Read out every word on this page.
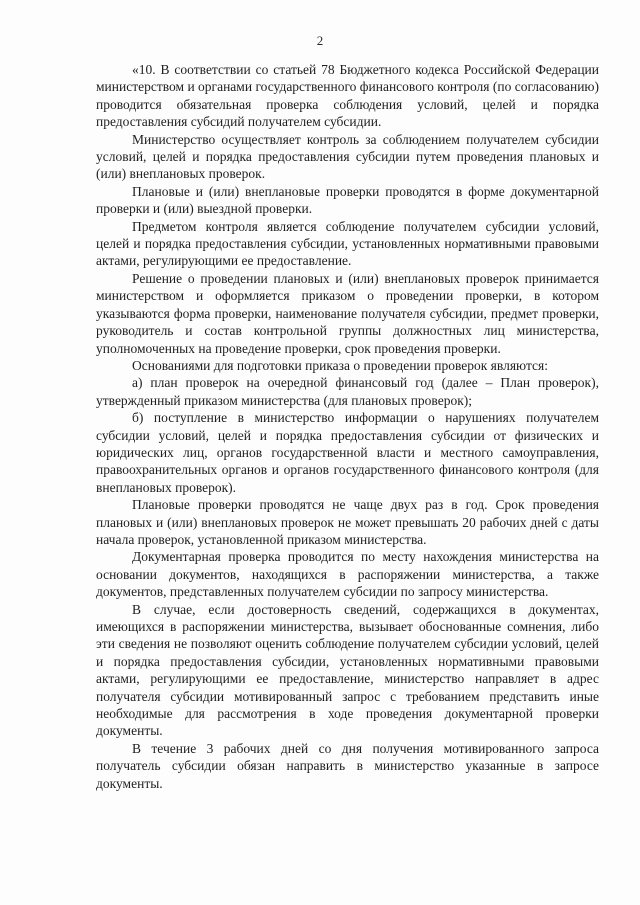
2

«10. В соответствии со статьей 78 Бюджетного кодекса Российской Федерации министерством и органами государственного финансового контроля (по согласованию) проводится обязательная проверка соблюдения условий, целей и порядка предоставления субсидий получателем субсидии.

Министерство осуществляет контроль за соблюдением получателем субсидии условий, целей и порядка предоставления субсидии путем проведения плановых и (или) внеплановых проверок.

Плановые и (или) внеплановые проверки проводятся в форме документарной проверки и (или) выездной проверки.

Предметом контроля является соблюдение получателем субсидии условий, целей и порядка предоставления субсидии, установленных нормативными правовыми актами, регулирующими ее предоставление.

Решение о проведении плановых и (или) внеплановых проверок принимается министерством и оформляется приказом о проведении проверки, в котором указываются форма проверки, наименование получателя субсидии, предмет проверки, руководитель и состав контрольной группы должностных лиц министерства, уполномоченных на проведение проверки, срок проведения проверки.

Основаниями для подготовки приказа о проведении проверок являются:

а) план проверок на очередной финансовый год (далее – План проверок), утвержденный приказом министерства (для плановых проверок);

б) поступление в министерство информации о нарушениях получателем субсидии условий, целей и порядка предоставления субсидии от физических и юридических лиц, органов государственной власти и местного самоуправления, правоохранительных органов и органов государственного финансового контроля (для внеплановых проверок).

Плановые проверки проводятся не чаще двух раз в год. Срок проведения плановых и (или) внеплановых проверок не может превышать 20 рабочих дней с даты начала проверок, установленной приказом министерства.

Документарная проверка проводится по месту нахождения министерства на основании документов, находящихся в распоряжении министерства, а также документов, представленных получателем субсидии по запросу министерства.

В случае, если достоверность сведений, содержащихся в документах, имеющихся в распоряжении министерства, вызывает обоснованные сомнения, либо эти сведения не позволяют оценить соблюдение получателем субсидии условий, целей и порядка предоставления субсидии, установленных нормативными правовыми актами, регулирующими ее предоставление, министерство направляет в адрес получателя субсидии мотивированный запрос с требованием представить иные необходимые для рассмотрения в ходе проведения документарной проверки документы.

В течение 3 рабочих дней со дня получения мотивированного запроса получатель субсидии обязан направить в министерство указанные в запросе документы.
